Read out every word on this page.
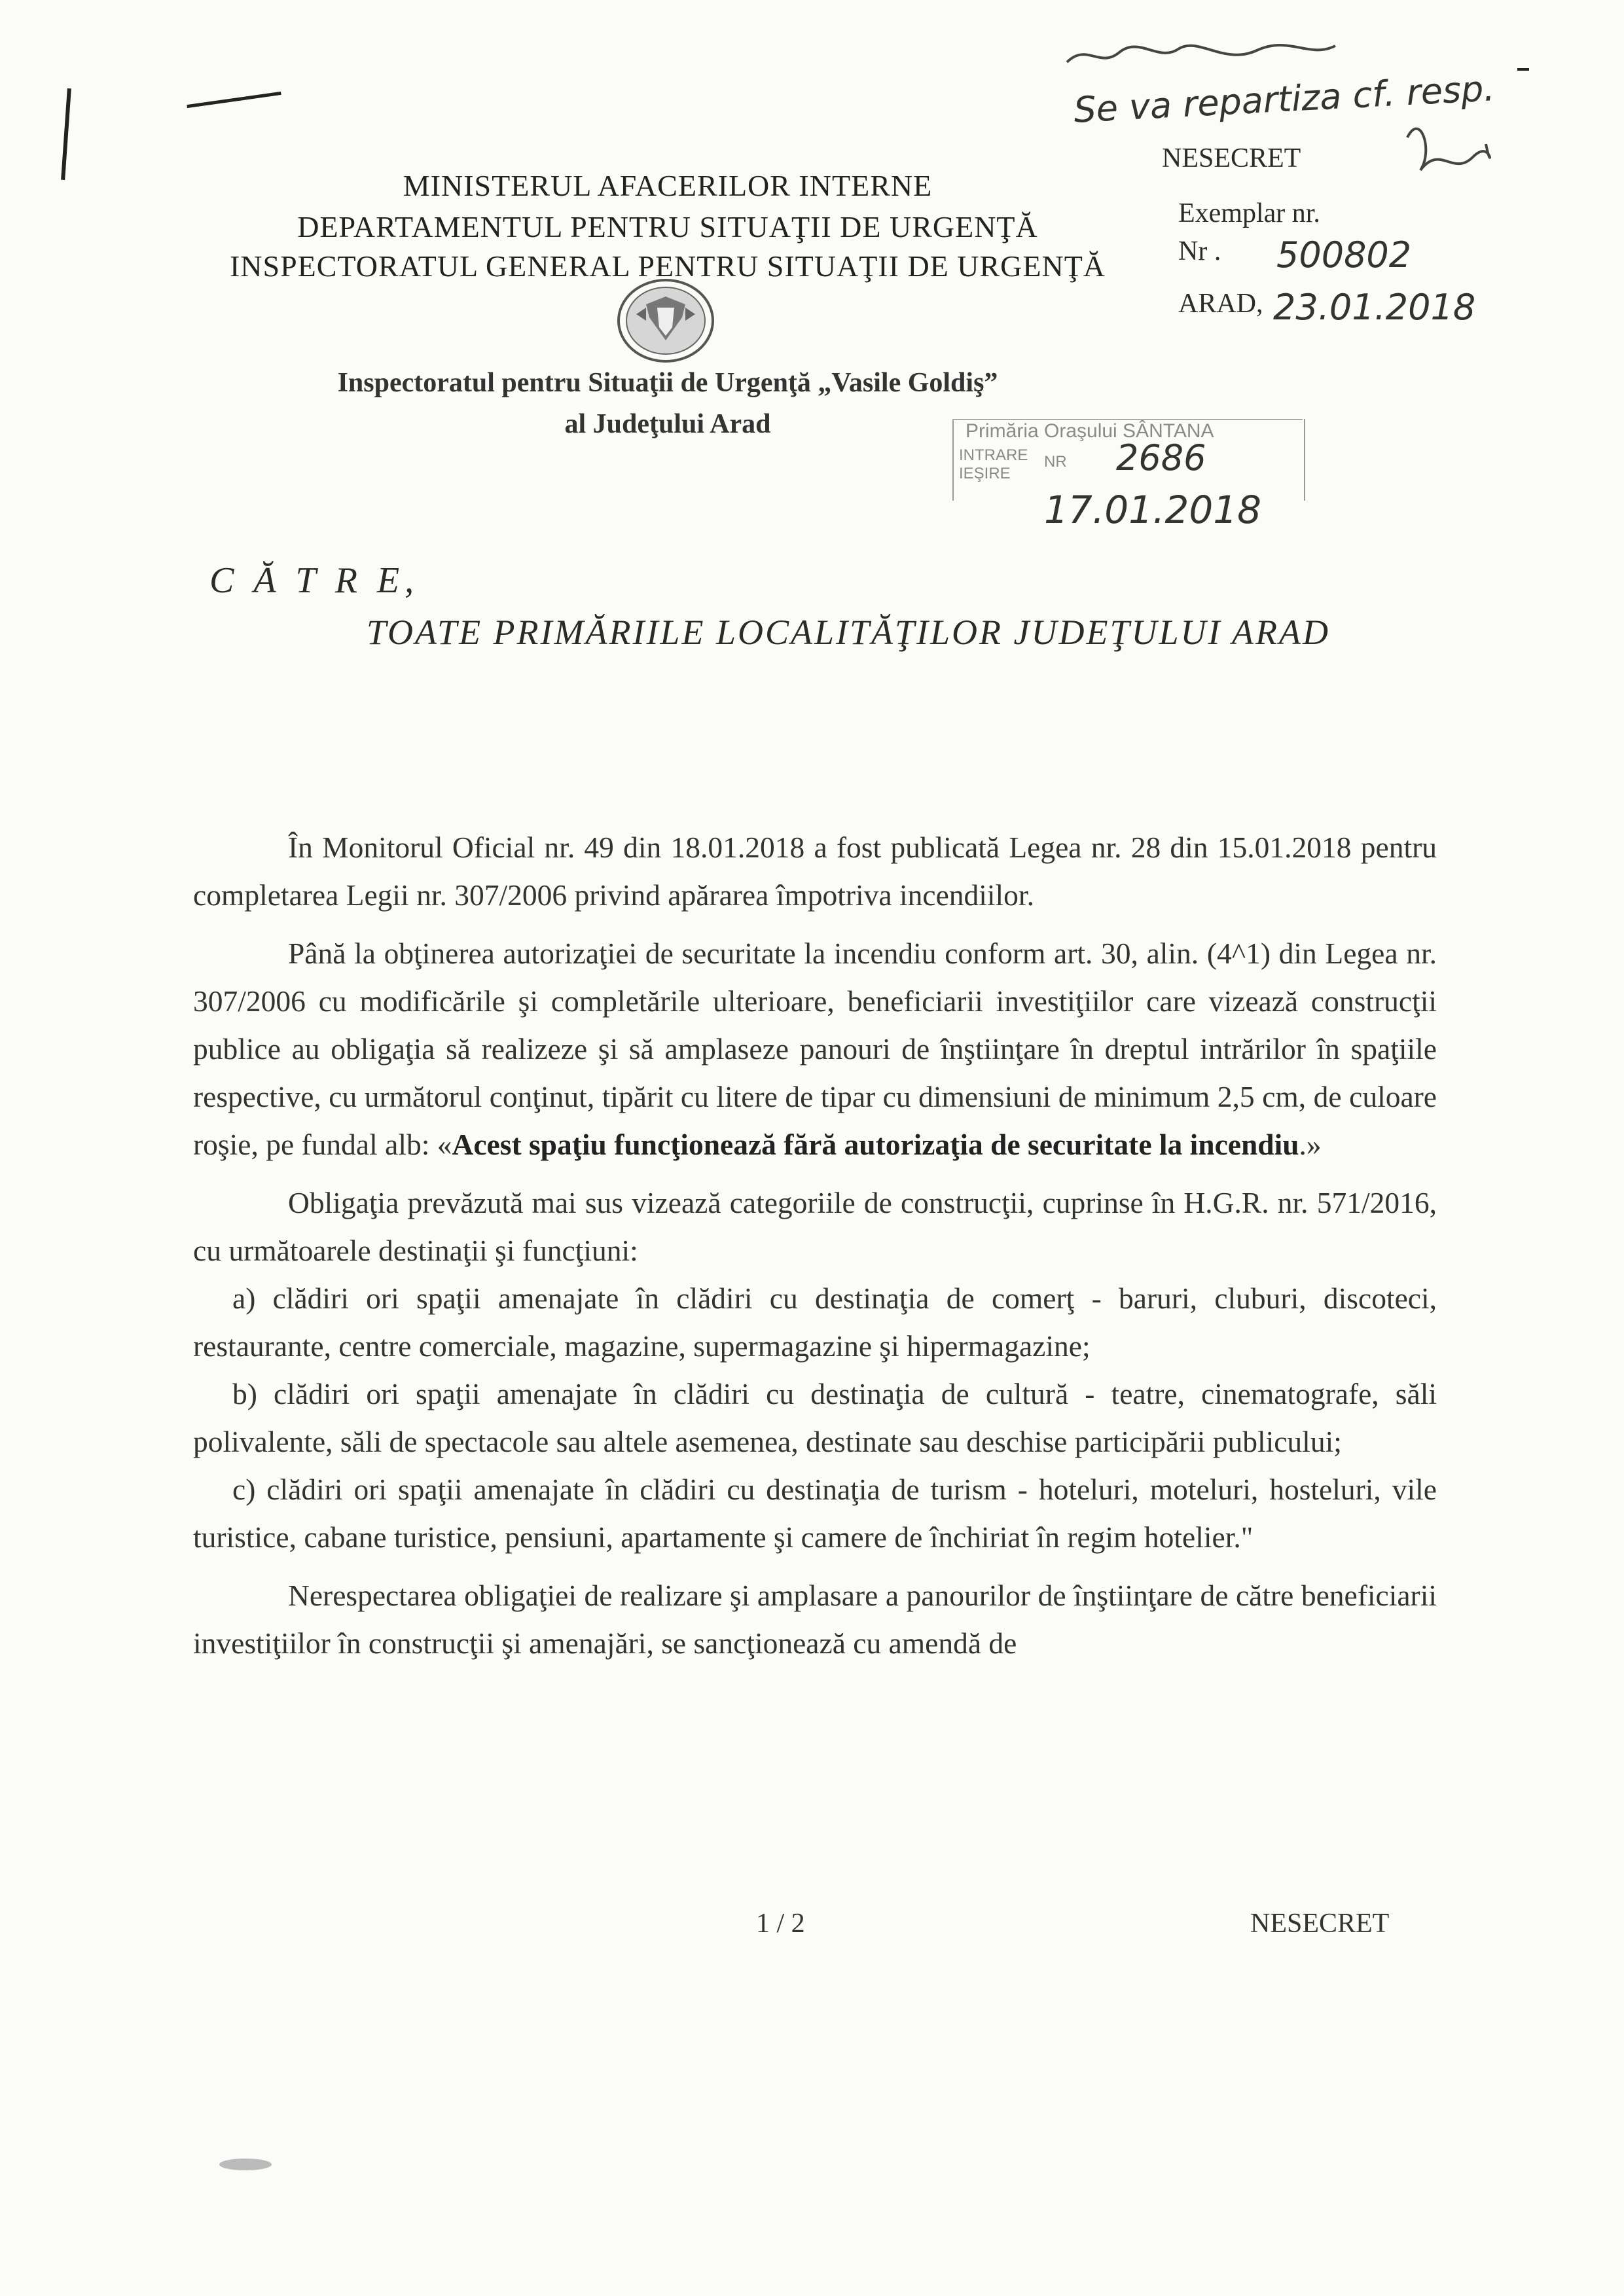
MINISTERUL AFACERILOR INTERNE
DEPARTAMENTUL PENTRU SITUAŢII DE URGENŢĂ
INSPECTORATUL GENERAL PENTRU SITUAŢII DE URGENŢĂ
Inspectoratul pentru Situaţii de Urgenţă „Vasile Goldiş”
al Judeţului Arad
Se va repartiza cf. resp.
NESECRET
Exemplar nr.
Nr . 500802
ARAD, 23.01.2018
Primăria Oraşului SÂNTANA
INTRARE
IEŞIRE
NR 2686
17.01.2018
C Ă T R E,
TOATE PRIMĂRIILE LOCALITĂŢILOR JUDEŢULUI ARAD

În Monitorul Oficial nr. 49 din 18.01.2018 a fost publicată Legea nr. 28 din 15.01.2018 pentru completarea Legii nr. 307/2006 privind apărarea împotriva incendiilor.

Până la obţinerea autorizaţiei de securitate la incendiu conform art. 30, alin. (4^1) din Legea nr. 307/2006 cu modificările şi completările ulterioare, beneficiarii investiţiilor care vizează construcţii publice au obligaţia să realizeze şi să amplaseze panouri de înştiinţare în dreptul intrărilor în spaţiile respective, cu următorul conţinut, tipărit cu litere de tipar cu dimensiuni de minimum 2,5 cm, de culoare roşie, pe fundal alb: «Acest spaţiu funcţionează fără autorizaţia de securitate la incendiu.»

Obligaţia prevăzută mai sus vizează categoriile de construcţii, cuprinse în H.G.R. nr. 571/2016, cu următoarele destinaţii şi funcţiuni:

a) clădiri ori spaţii amenajate în clădiri cu destinaţia de comerţ - baruri, cluburi, discoteci, restaurante, centre comerciale, magazine, supermagazine şi hipermagazine;

b) clădiri ori spaţii amenajate în clădiri cu destinaţia de cultură - teatre, cinematografe, săli polivalente, săli de spectacole sau altele asemenea, destinate sau deschise participării publicului;

c) clădiri ori spaţii amenajate în clădiri cu destinaţia de turism - hoteluri, moteluri, hosteluri, vile turistice, cabane turistice, pensiuni, apartamente şi camere de închiriat în regim hotelier."

Nerespectarea obligaţiei de realizare şi amplasare a panourilor de înştiinţare de către beneficiarii investiţiilor în construcţii şi amenajări, se sancţionează cu amendă de

1 / 2	NESECRET
